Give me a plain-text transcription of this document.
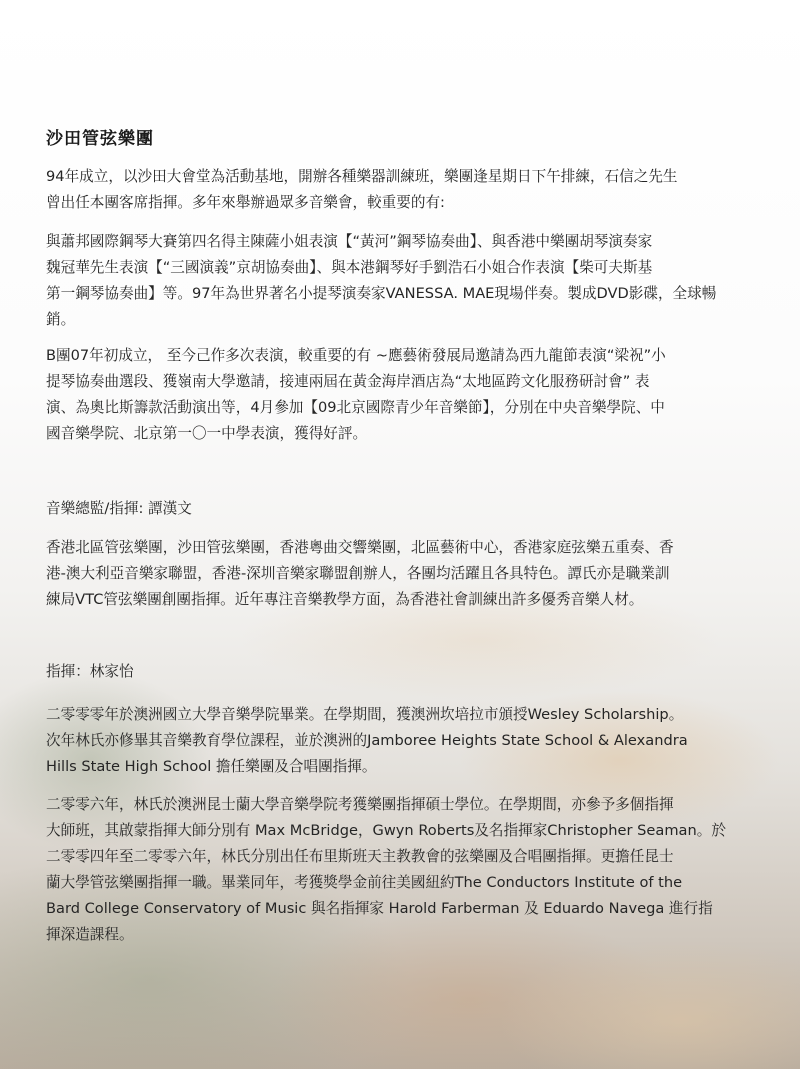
沙田管弦樂團

94年成立，以沙田大會堂為活動基地，開辦各種樂器訓練班，樂團逢星期日下午排練，石信之先生

曾出任本團客席指揮。多年來舉辦過眾多音樂會，較重要的有:

與蕭邦國際鋼琴大賽第四名得主陳薩小姐表演【“黃河”鋼琴協奏曲】、與香港中樂團胡琴演奏家

魏冠華先生表演【“三國演義”京胡協奏曲】、與本港鋼琴好手劉浩石小姐合作表演【柴可夫斯基

第一鋼琴協奏曲】等。97年為世界著名小提琴演奏家VANESSA. MAE現場伴奏。製成DVD影碟，全球暢

銷。

B團07年初成立， 至今己作多次表演，較重要的有 ~應藝術發展局邀請為西九龍節表演“梁祝”小

提琴協奏曲選段、獲嶺南大學邀請，接連兩屆在黃金海岸酒店為“太地區跨文化服務研討會” 表

演、為奧比斯籌款活動演出等，4月參加【09北京國際青少年音樂節】，分別在中央音樂學院、中

國音樂學院、北京第一〇一中學表演，獲得好評。

音樂總監/指揮: 譚漢文

香港北區管弦樂團，沙田管弦樂團，香港粵曲交響樂團，北區藝術中心，香港家庭弦樂五重奏、香

港-澳大利亞音樂家聯盟，香港-深圳音樂家聯盟創辦人，各團均活躍且各具特色。譚氏亦是職業訓

練局VTC管弦樂團創團指揮。近年專注音樂教學方面，為香港社會訓練出許多優秀音樂人材。

指揮：林家怡

二零零零年於澳洲國立大學音樂學院畢業。在學期間，獲澳洲坎培拉市頒授Wesley Scholarship。

次年林氏亦修畢其音樂教育學位課程，並於澳洲的Jamboree Heights State School & Alexandra

Hills State High School 擔任樂團及合唱團指揮。

二零零六年，林氏於澳洲昆士蘭大學音樂學院考獲樂團指揮碩士學位。在學期間，亦參予多個指揮

大師班，其啟蒙指揮大師分別有 Max McBridge，Gwyn Roberts及名指揮家Christopher Seaman。於

二零零四年至二零零六年，林氏分別出任布里斯班天主教教會的弦樂團及合唱團指揮。更擔任昆士

蘭大學管弦樂團指揮一職。畢業同年，考獲獎學金前往美國紐約The Conductors Institute of the

Bard College Conservatory of Music 與名指揮家 Harold Farberman 及 Eduardo Navega 進行指

揮深造課程。
